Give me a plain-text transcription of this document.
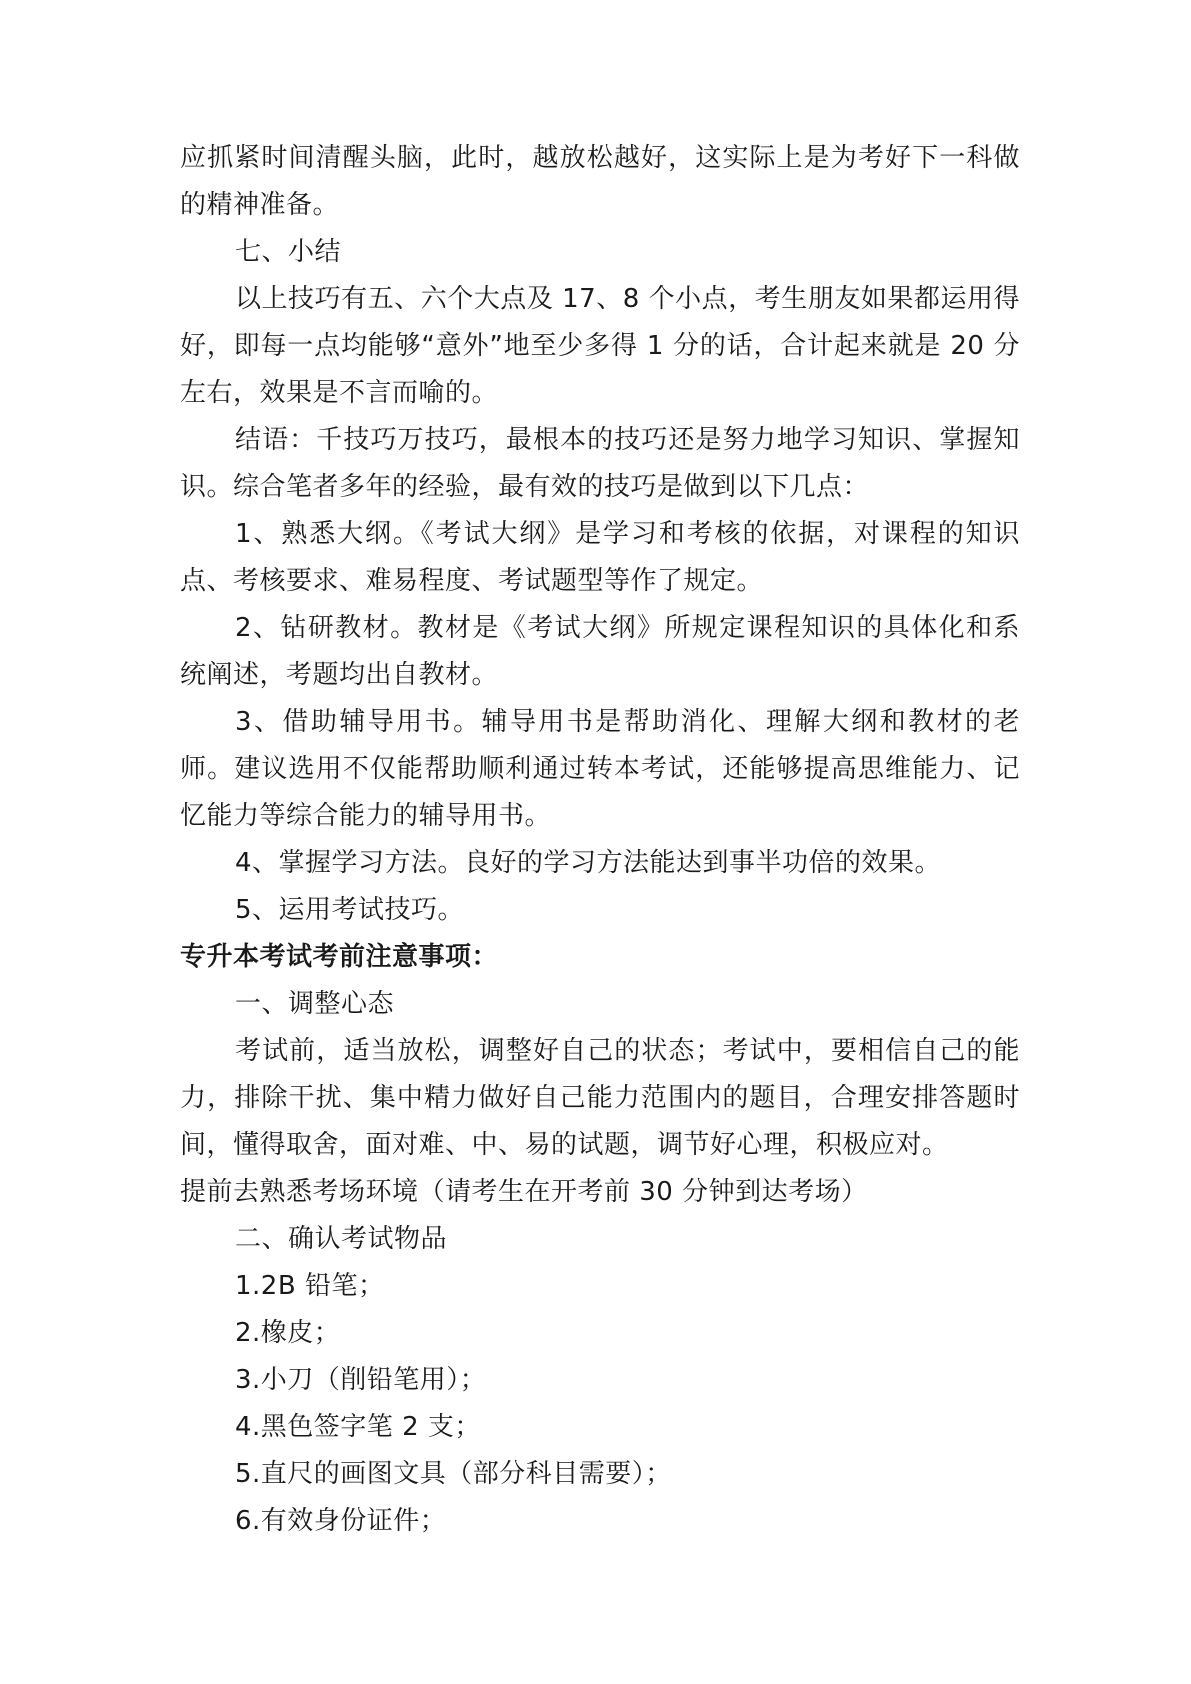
应抓紧时间清醒头脑，此时，越放松越好，这实际上是为考好下一科做的精神准备。

七、小结

以上技巧有五、六个大点及 17、8 个小点，考生朋友如果都运用得好，即每一点均能够“意外”地至少多得 1 分的话，合计起来就是 20 分左右，效果是不言而喻的。

结语：千技巧万技巧，最根本的技巧还是努力地学习知识、掌握知识。综合笔者多年的经验，最有效的技巧是做到以下几点：

1、熟悉大纲。《考试大纲》是学习和考核的依据，对课程的知识点、考核要求、难易程度、考试题型等作了规定。

2、钻研教材。教材是《考试大纲》所规定课程知识的具体化和系统阐述，考题均出自教材。

3、借助辅导用书。辅导用书是帮助消化、理解大纲和教材的老师。建议选用不仅能帮助顺利通过转本考试，还能够提高思维能力、记忆能力等综合能力的辅导用书。

4、掌握学习方法。良好的学习方法能达到事半功倍的效果。

5、运用考试技巧。

专升本考试考前注意事项：

一、调整心态

考试前，适当放松，调整好自己的状态；考试中，要相信自己的能力，排除干扰、集中精力做好自己能力范围内的题目，合理安排答题时间，懂得取舍，面对难、中、易的试题，调节好心理，积极应对。

提前去熟悉考场环境（请考生在开考前 30 分钟到达考场）

二、确认考试物品

1.2B 铅笔；

2.橡皮；

3.小刀（削铅笔用）；

4.黑色签字笔 2 支；

5.直尺的画图文具（部分科目需要）；

6.有效身份证件；
